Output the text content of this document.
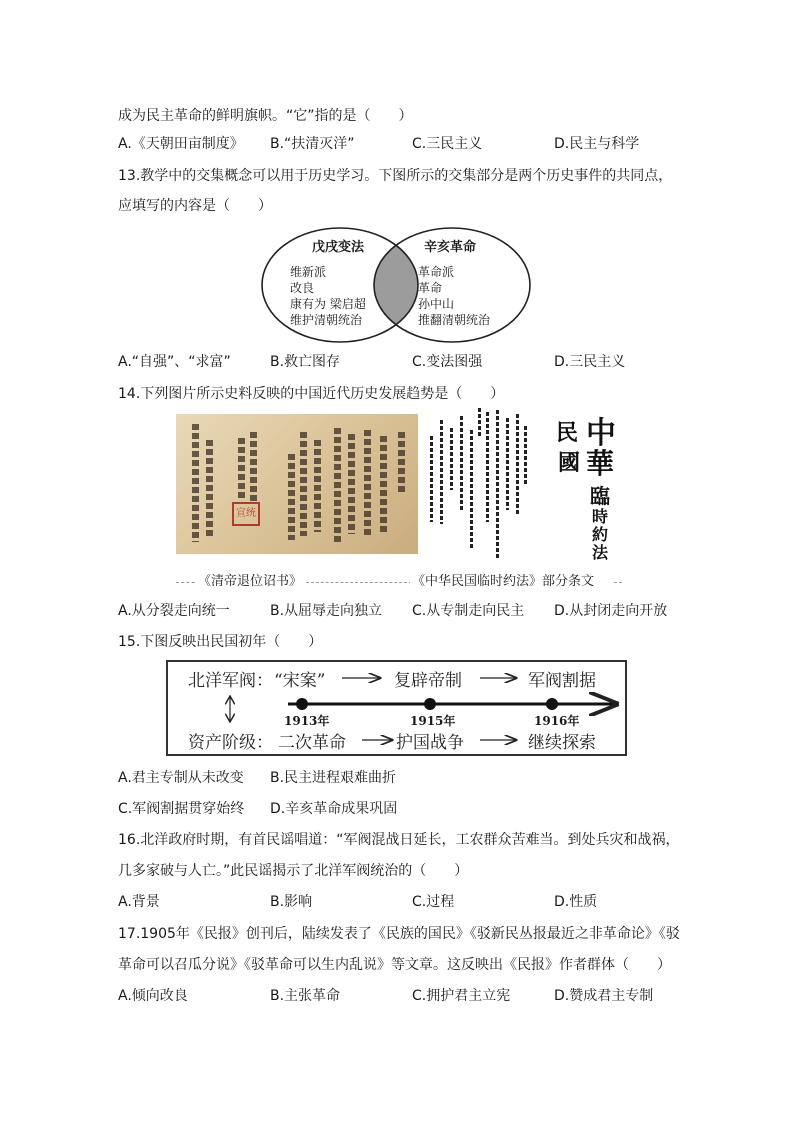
成为民主革命的鲜明旗帜。“它”指的是（　　）
A.《天朝田亩制度》 B.“扶清灭洋”	C.三民主义	D.民主与科学
13.教学中的交集概念可以用于历史学习。下图所示的交集部分是两个历史事件的共同点，
应填写的内容是（　　）
戊戌变法	辛亥革命
维新派
改良
康有为 梁启超
维护清朝统治
革命派
革命
孙中山
推翻清朝统治
A.“自强”、“求富”	B.救亡图存	C.变法图强	D.三民主义
14.下列图片所示史料反映的中国近代历史发展趋势是（　　）
宣统
中
華
民
國
臨
時
約
法
《清帝退位诏书》	《中华民国临时约法》部分条文
A.从分裂走向统一	B.从屈辱走向独立 C.从专制走向民主 D.从封闭走向开放
15.下图反映出民国初年（　　）
北洋军阀： “宋案”	复辟帝制	军阀割据
1913年	1915年	1916年
资产阶级： 二次革命	护国战争	继续探索
A.君主专制从未改变 B.民主进程艰难曲折
C.军阀割据贯穿始终 D.辛亥革命成果巩固
16.北洋政府时期，有首民谣唱道：“军阀混战日延长，工农群众苦难当。到处兵灾和战祸，
几多家破与人亡。”此民谣揭示了北洋军阀统治的（　　）
A.背景	B.影响	C.过程	D.性质
17.1905年《民报》创刊后，陆续发表了《民族的国民》《驳新民丛报最近之非革命论》《驳
革命可以召瓜分说》《驳革命可以生内乱说》等文章。这反映出《民报》作者群体（　　）
A.倾向改良	B.主张革命	C.拥护君主立宪	D.赞成君主专制
